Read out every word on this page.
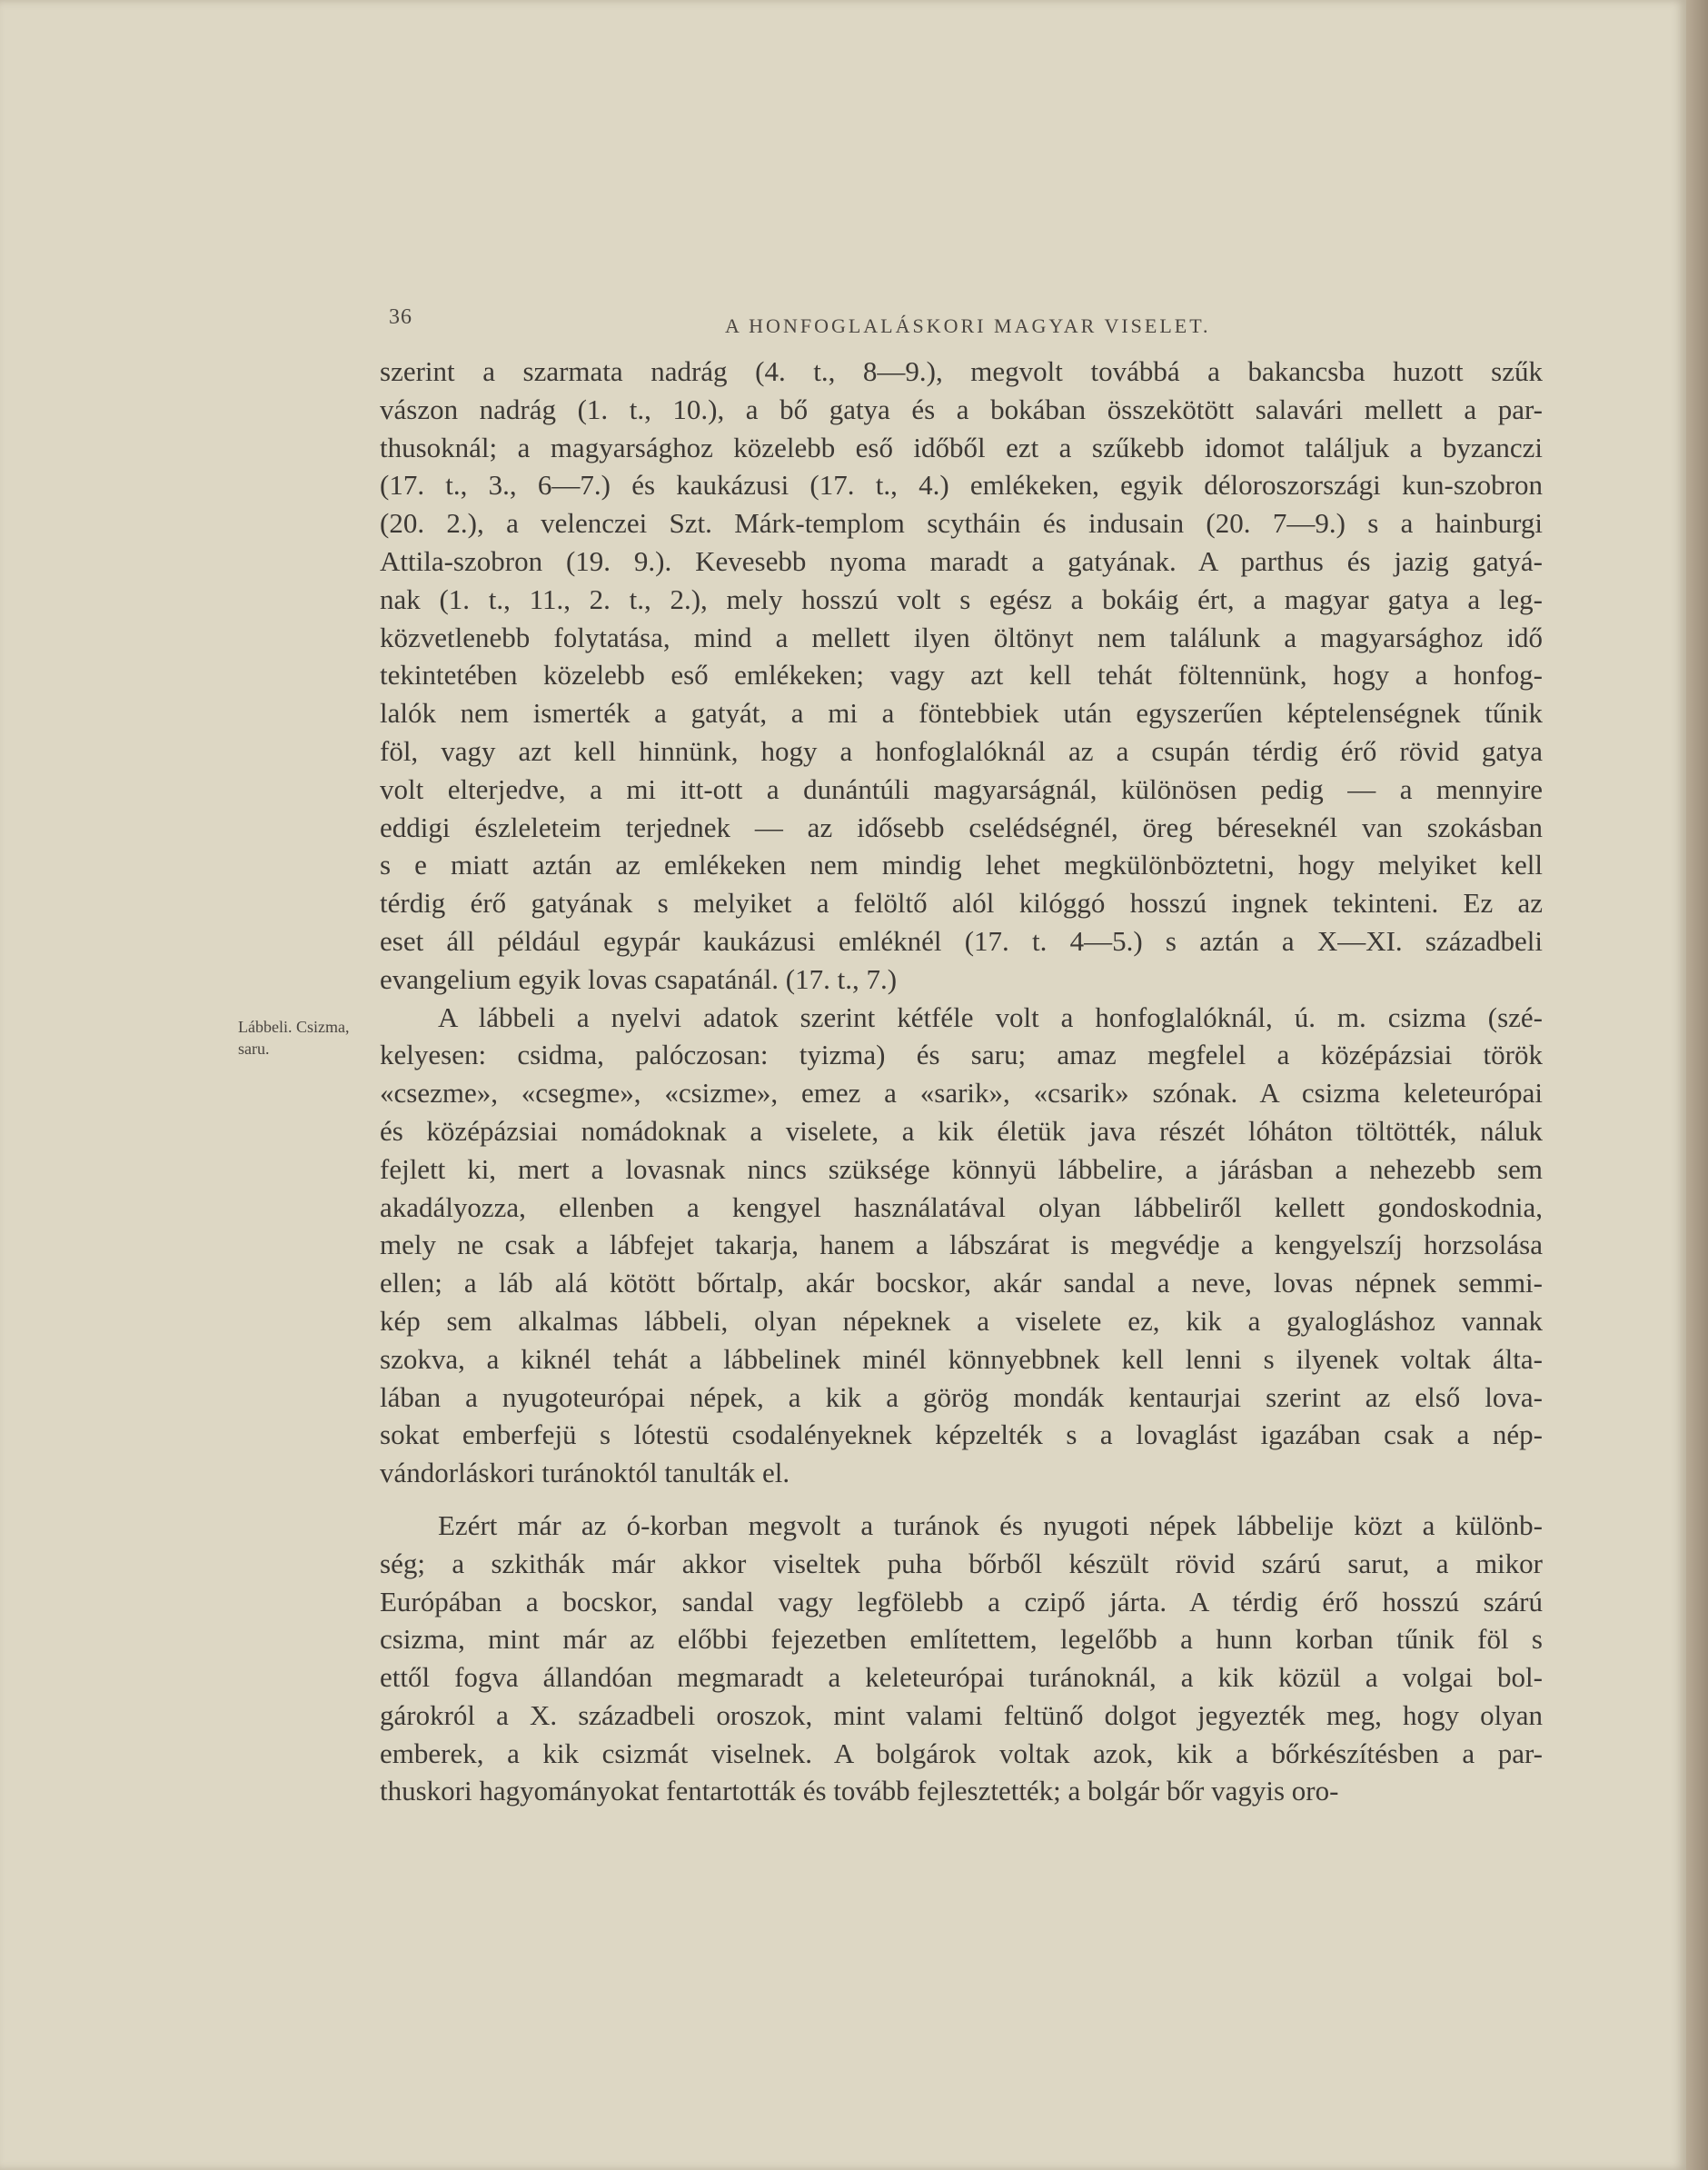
36	A HONFOGLALÁSKORI MAGYAR VISELET.
Lábbeli. Csizma,
saru.

szerint a szarmata nadrág (4. t., 8—9.), megvolt továbbá a bakancsba huzott szűk
vászon nadrág (1. t., 10.), a bő gatya és a bokában összekötött salavári mellett a par-
thusoknál; a magyarsághoz közelebb eső időből ezt a szűkebb idomot találjuk a byzanczi
(17. t., 3., 6—7.) és kaukázusi (17. t., 4.) emlékeken, egyik déloroszországi kun-szobron
(20. 2.), a velenczei Szt. Márk-templom scytháin és indusain (20. 7—9.) s a hainburgi
Attila-szobron (19. 9.). Kevesebb nyoma maradt a gatyának. A parthus és jazig gatyá-
nak (1. t., 11., 2. t., 2.), mely hosszú volt s egész a bokáig ért, a magyar gatya a leg-
közvetlenebb folytatása, mind a mellett ilyen öltönyt nem találunk a magyarsághoz idő
tekintetében közelebb eső emlékeken; vagy azt kell tehát föltennünk, hogy a honfog-
lalók nem ismerték a gatyát, a mi a föntebbiek után egyszerűen képtelenségnek tűnik
föl, vagy azt kell hinnünk, hogy a honfoglalóknál az a csupán térdig érő rövid gatya
volt elterjedve, a mi itt-ott a dunántúli magyarságnál, különösen pedig — a mennyire
eddigi észleleteim terjednek — az idősebb cselédségnél, öreg béreseknél van szokásban
s e miatt aztán az emlékeken nem mindig lehet megkülönböztetni, hogy melyiket kell
térdig érő gatyának s melyiket a felöltő alól kilóggó hosszú ingnek tekinteni. Ez az
eset áll például egypár kaukázusi emléknél (17. t. 4—5.) s aztán a X—XI. századbeli
evangelium egyik lovas csapatánál. (17. t., 7.)

A lábbeli a nyelvi adatok szerint kétféle volt a honfoglalóknál, ú. m. csizma (szé-
kelyesen: csidma, palóczosan: tyizma) és saru; amaz megfelel a középázsiai török
«csezme», «csegme», «csizme», emez a «sarik», «csarik» szónak. A csizma keleteurópai
és középázsiai nomádoknak a viselete, a kik életük java részét lóháton töltötték, náluk
fejlett ki, mert a lovasnak nincs szüksége könnyü lábbelire, a járásban a nehezebb sem
akadályozza, ellenben a kengyel használatával olyan lábbeliről kellett gondoskodnia,
mely ne csak a lábfejet takarja, hanem a lábszárat is megvédje a kengyelszíj horzsolása
ellen; a láb alá kötött bőrtalp, akár bocskor, akár sandal a neve, lovas népnek semmi-
kép sem alkalmas lábbeli, olyan népeknek a viselete ez, kik a gyalogláshoz vannak
szokva, a kiknél tehát a lábbelinek minél könnyebbnek kell lenni s ilyenek voltak álta-
lában a nyugoteurópai népek, a kik a görög mondák kentaurjai szerint az első lova-
sokat emberfejü s lótestü csodalényeknek képzelték s a lovaglást igazában csak a nép-
vándorláskori turánoktól tanulták el.

Ezért már az ó-korban megvolt a turánok és nyugoti népek lábbelije közt a különb-
ség; a szkithák már akkor viseltek puha bőrből készült rövid szárú sarut, a mikor
Európában a bocskor, sandal vagy legfölebb a czipő járta. A térdig érő hosszú szárú
csizma, mint már az előbbi fejezetben említettem, legelőbb a hunn korban tűnik föl s
ettől fogva állandóan megmaradt a keleteurópai turánoknál, a kik közül a volgai bol-
gárokról a X. századbeli oroszok, mint valami feltünő dolgot jegyezték meg, hogy olyan
emberek, a kik csizmát viselnek. A bolgárok voltak azok, kik a bőrkészítésben a par-
thuskori hagyományokat fentartották és tovább fejlesztették; a bolgár bőr vagyis oro-
